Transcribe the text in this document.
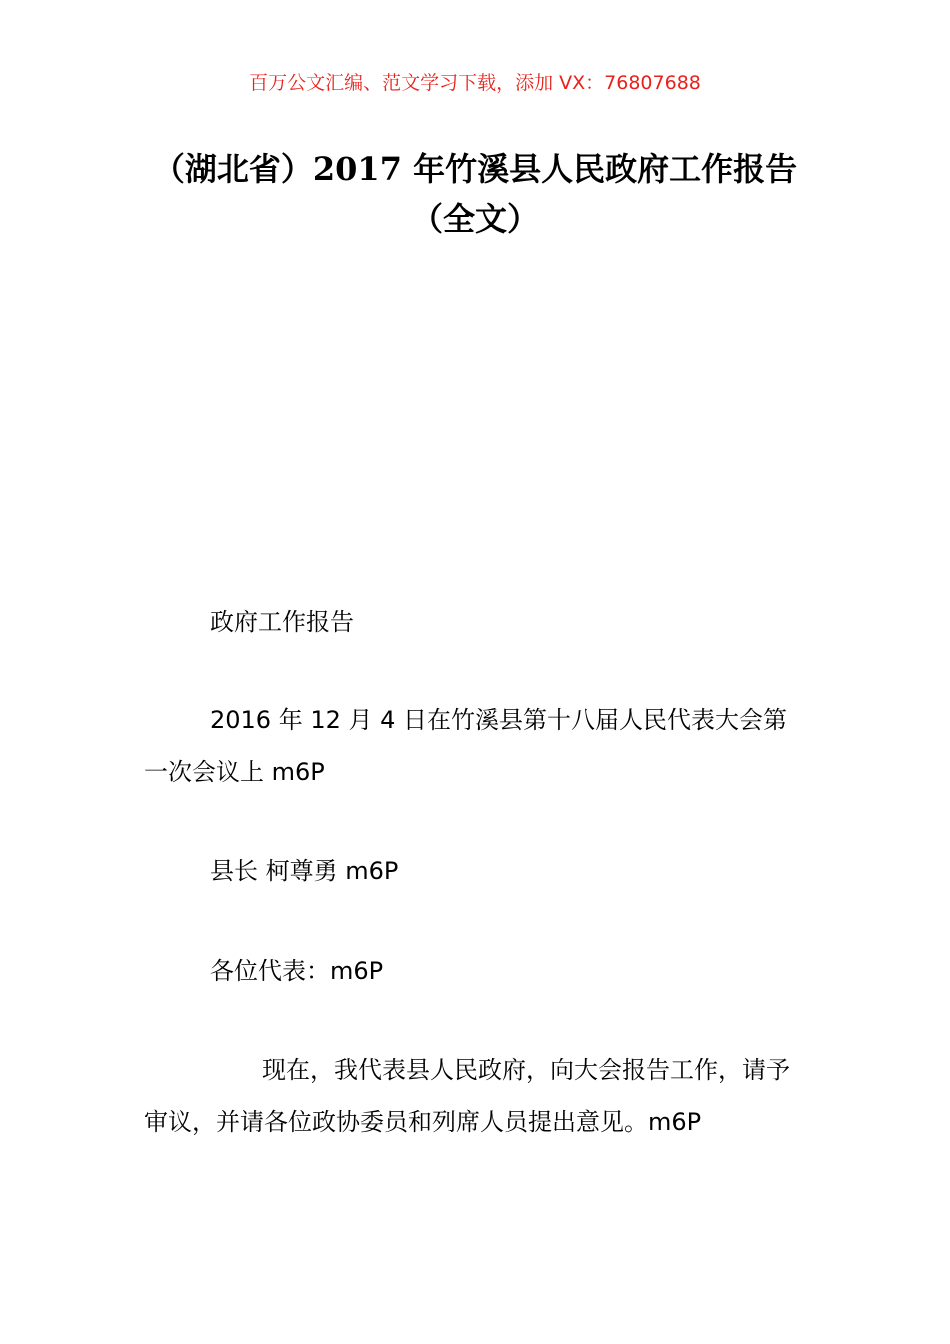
百万公文汇编、范文学习下载，添加 VX：76807688
（湖北省）2017 年竹溪县人民政府工作报告（全文）

政府工作报告

2016 年 12 月 4 日在竹溪县第十八届人民代表大会第一次会议上 m6P

县长 柯尊勇 m6P

各位代表：m6P

现在，我代表县人民政府，向大会报告工作，请予审议，并请各位政协委员和列席人员提出意见。m6P
